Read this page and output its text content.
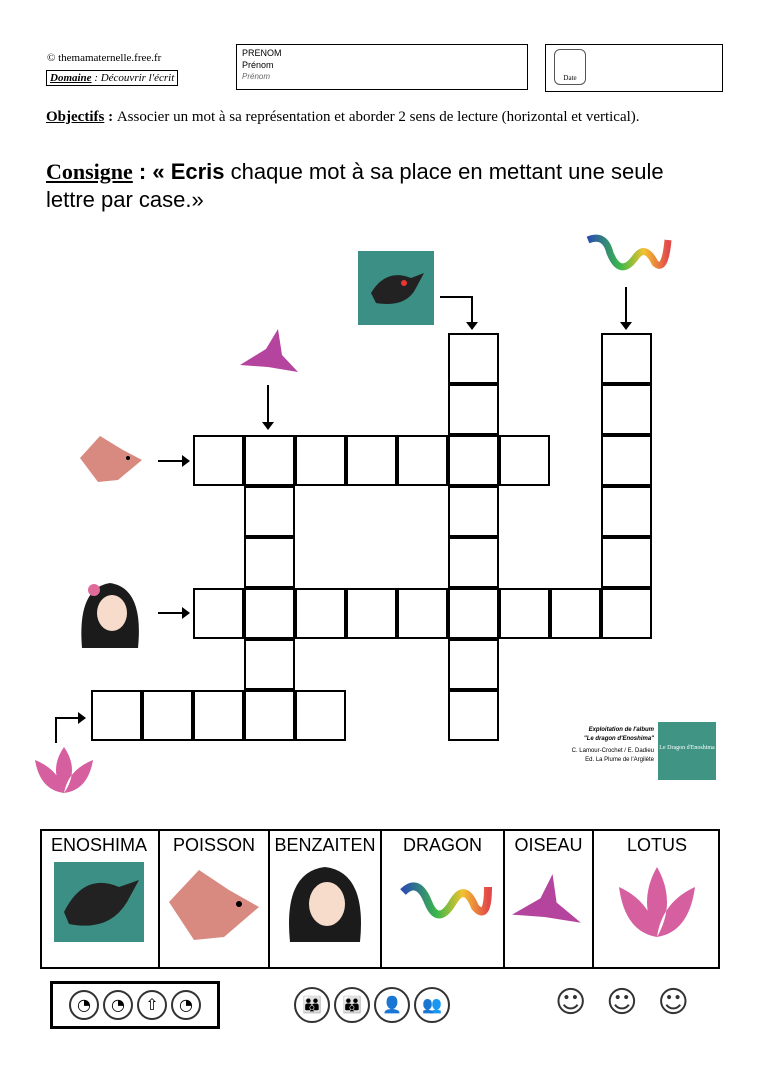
© themamaternelle.free.fr
Domaine : Découvrir l'écrit
PRENOM
Prénom
Prénom	Date
Objectifs : Associer un mot à sa représentation et aborder 2 sens de lecture (horizontal et vertical).
Consigne : « Ecris chaque mot à sa place en mettant une seule lettre par case.»
Exploitation de l'album
"Le dragon d'Enoshima"
C. Lamour-Crochet / E. Dadieu
Ed. La Plume de l'Argilète
Le Dragon d'Enoshima
ENOSHIMA	POISSON	BENZAITEN	DRAGON	OISEAU	LOTUS
◔ ◔ ⇧ ◔	👪 👪 👤 👥	☺☺☺
